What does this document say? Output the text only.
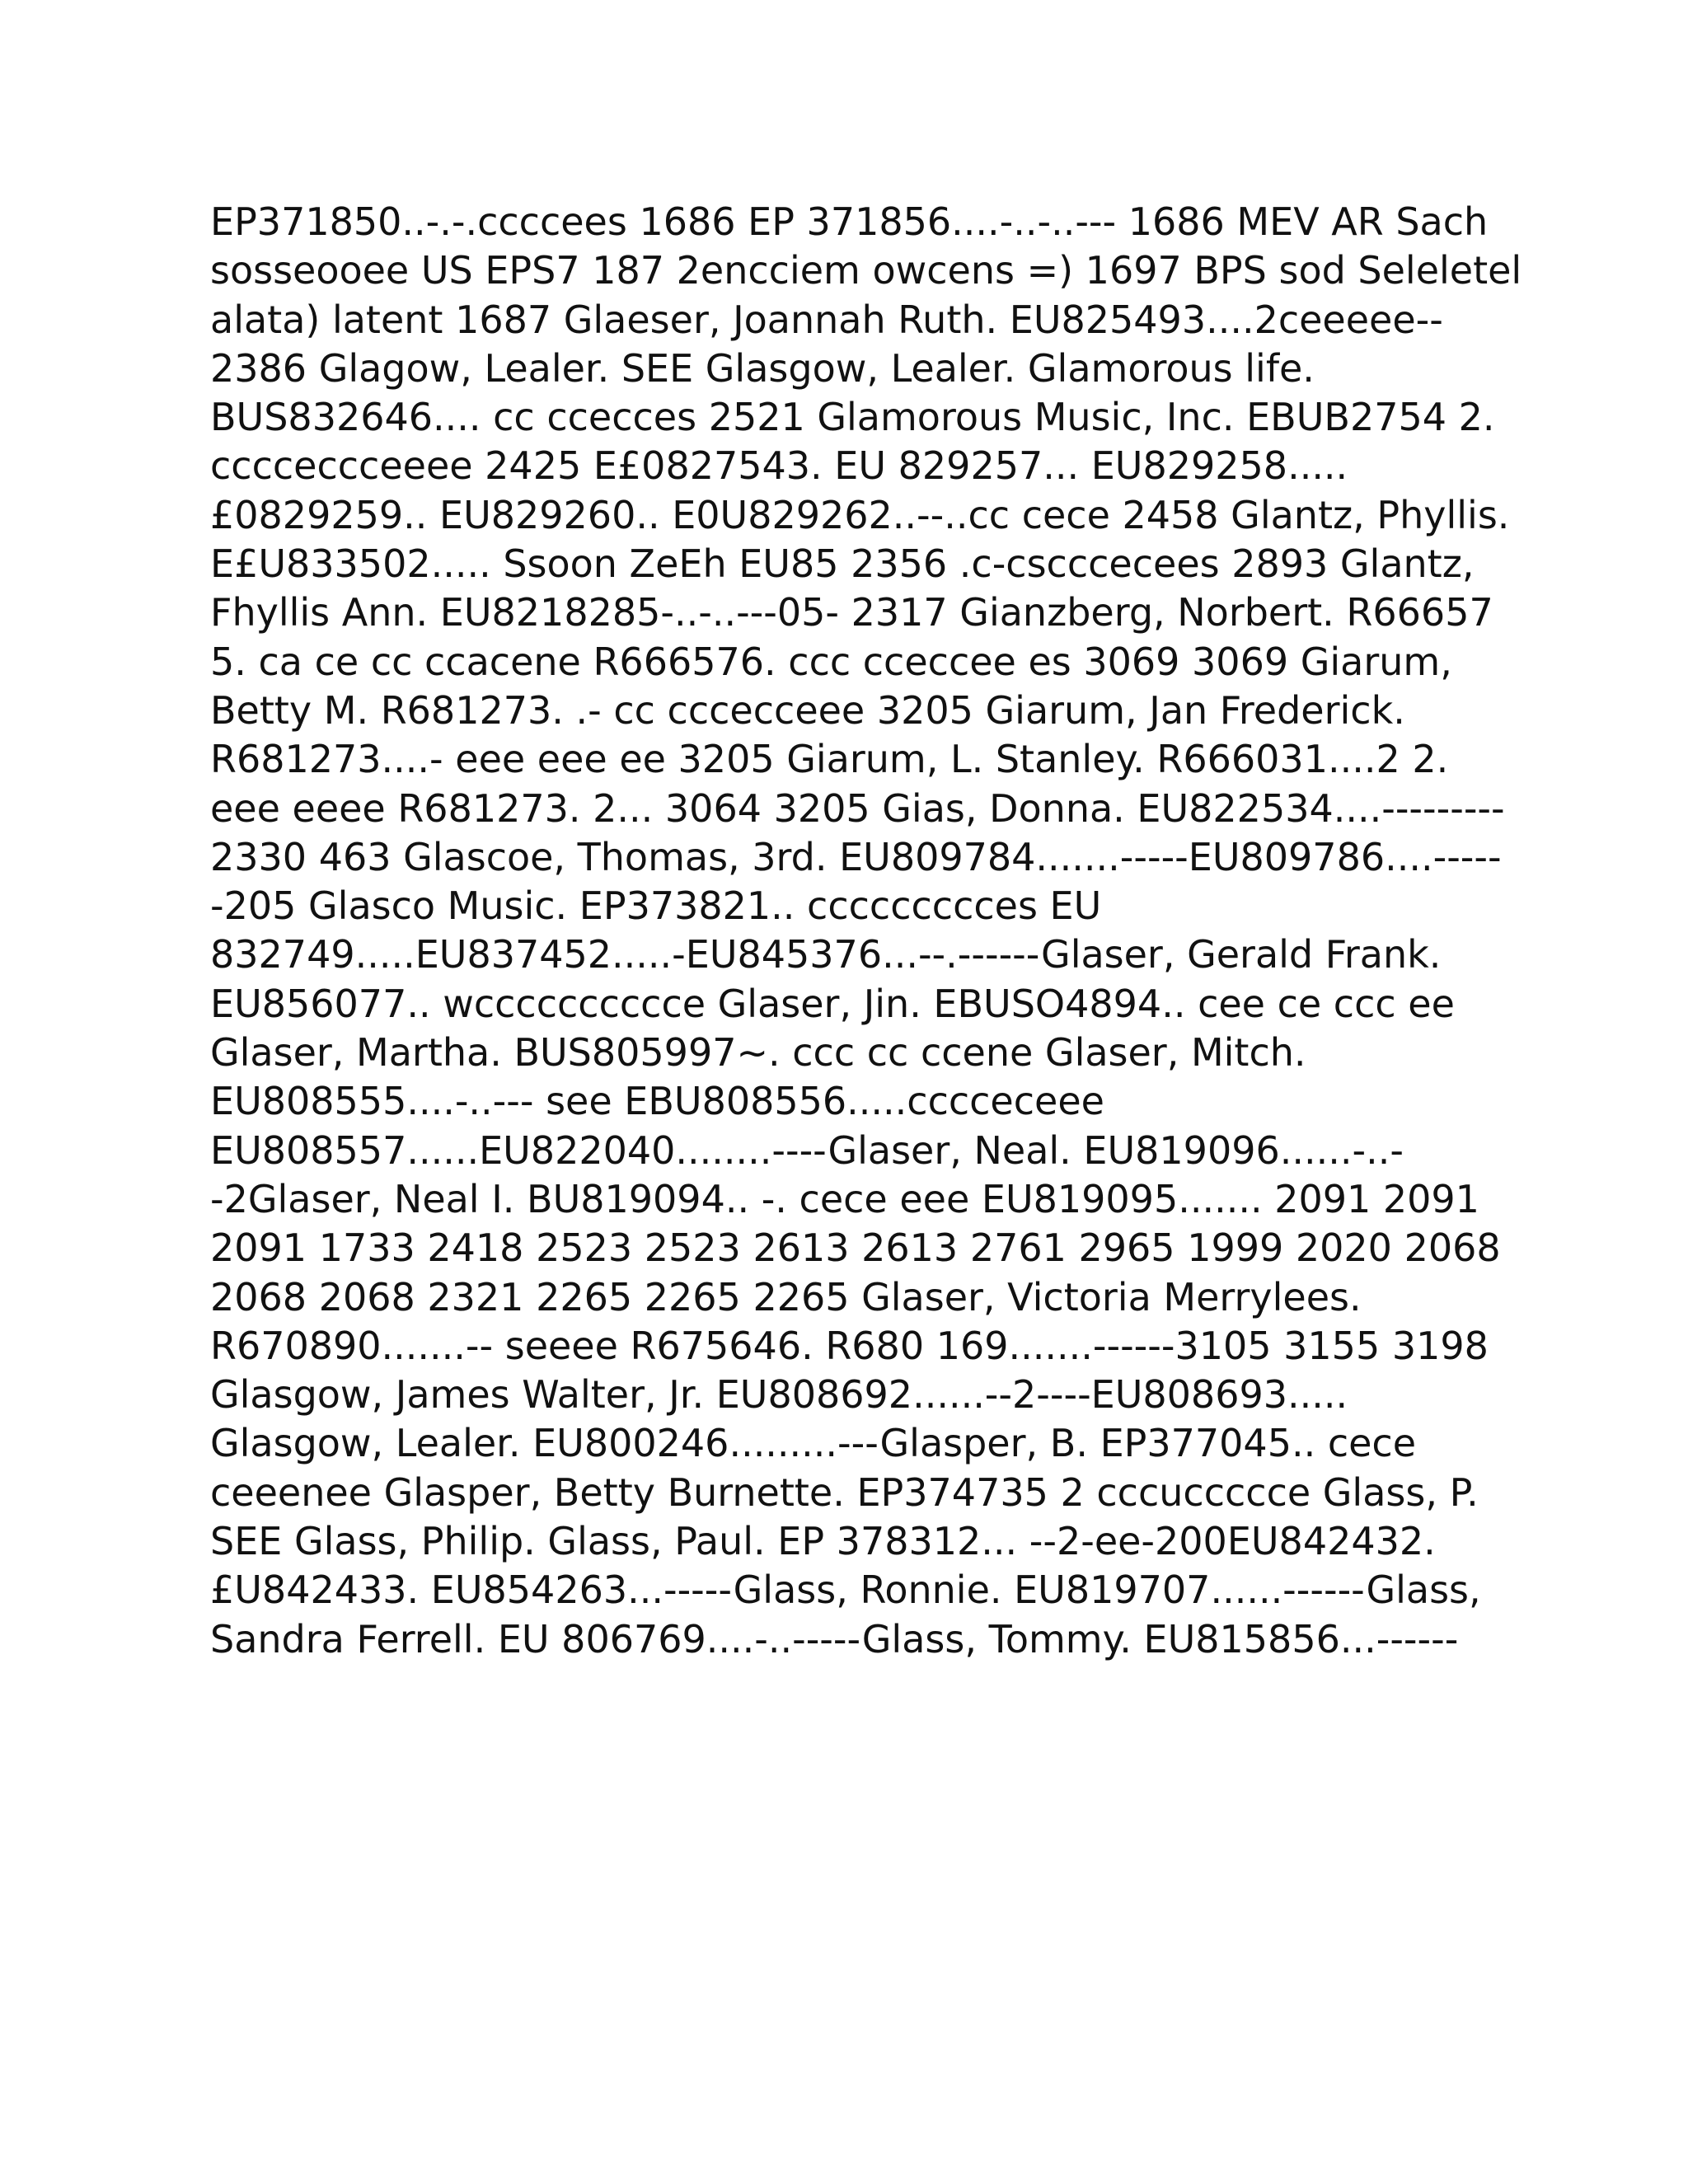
EP371850..-.-.ccccees 1686 EP 371856....-..-..--- 1686 MEV AR Sach
sosseooee US EPS7 187 2encciem owcens =) 1697 BPS sod Seleletel
alata) latent 1687 Glaeser, Joannah Ruth. EU825493....2ceeeee--
2386 Glagow, Lealer. SEE Glasgow, Lealer. Glamorous life.
BUS832646.... cc ccecces 2521 Glamorous Music, Inc. EBUB2754 2.
cccceccceeee 2425 E£0827543. EU 829257... EU829258.....
£0829259.. EU829260.. E0U829262..--..cc cece 2458 Glantz, Phyllis.
E£U833502..... Ssoon ZeEh EU85 2356 .c-cscccecees 2893 Glantz,
Fhyllis Ann. EU8218285-..-..---05- 2317 Gianzberg, Norbert. R66657
5. ca ce cc ccacene R666576. ccc cceccee es 3069 3069 Giarum,
Betty M. R681273. .- cc cccecceee 3205 Giarum, Jan Frederick.
R681273....- eee eee ee 3205 Giarum, L. Stanley. R666031....2 2.
eee eeee R681273. 2... 3064 3205 Gias, Donna. EU822534....---------
2330 463 Glascoe, Thomas, 3rd. EU809784.......-----EU809786....-----
-205 Glasco Music. EP373821.. ccccccccces EU
832749.....EU837452.....-EU845376...--.------Glaser, Gerald Frank.
EU856077.. wcccccccccce Glaser, Jin. EBUSO4894.. cee ce ccc ee
Glaser, Martha. BUS805997~. ccc cc ccene Glaser, Mitch.
EU808555....-..--- see EBU808556.....cccceceee
EU808557......EU822040........----Glaser, Neal. EU819096......-..-
-2Glaser, Neal I. BU819094.. -. cece eee EU819095....... 2091 2091
2091 1733 2418 2523 2523 2613 2613 2761 2965 1999 2020 2068
2068 2068 2321 2265 2265 2265 Glaser, Victoria Merrylees.
R670890.......-- seeee R675646. R680 169.......------3105 3155 3198
Glasgow, James Walter, Jr. EU808692......--2----EU808693.....
Glasgow, Lealer. EU800246.........---Glasper, B. EP377045.. cece
ceeenee Glasper, Betty Burnette. EP374735 2 cccuccccce Glass, P.
SEE Glass, Philip. Glass, Paul. EP 378312... --2-ee-200EU842432.
£U842433. EU854263...-----Glass, Ronnie. EU819707......------Glass,
Sandra Ferrell. EU 806769....-..-----Glass, Tommy. EU815856...------
